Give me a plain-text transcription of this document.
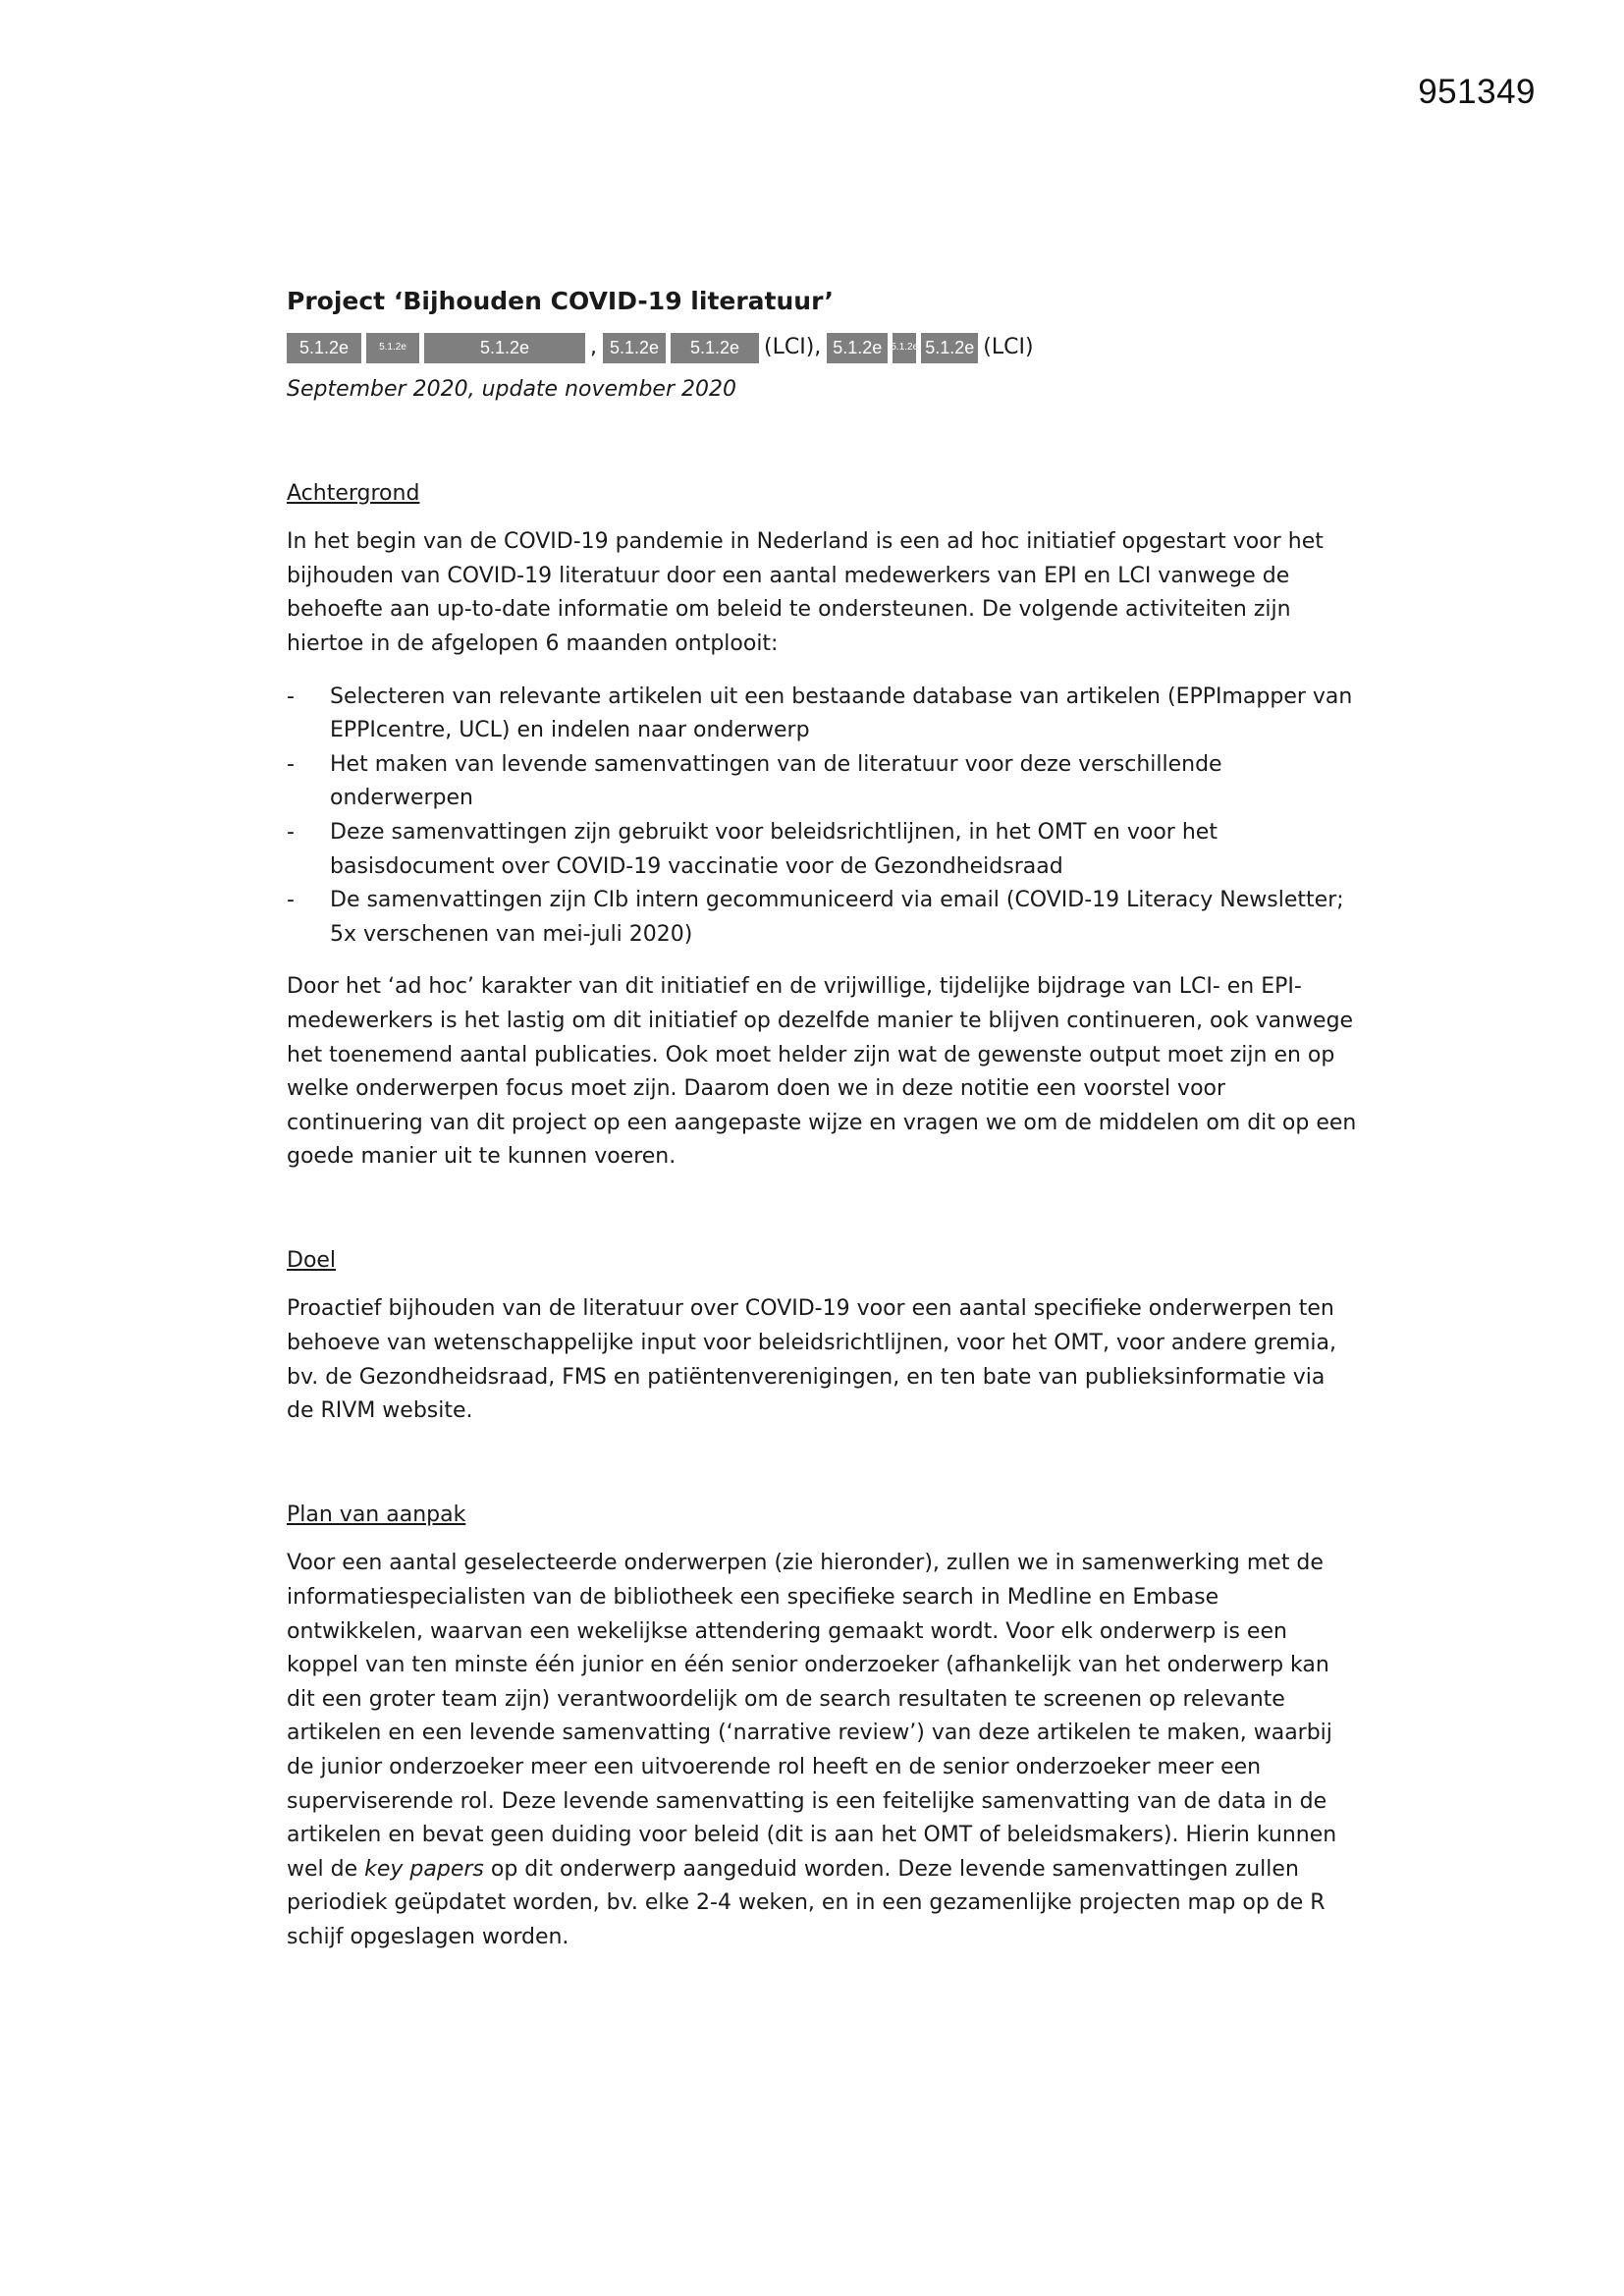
951349
Project ‘Bijhouden COVID-19 literatuur’
5.1.2e	5.1.2e	5.1.2e	, 5.1.2e	5.1.2e	(LCI), 5.1.2e 5.1.2e 5.1.2e (LCI)

September 2020, update november 2020

Achtergrond

In het begin van de COVID-19 pandemie in Nederland is een ad hoc initiatief opgestart voor het bijhouden van COVID-19 literatuur door een aantal medewerkers van EPI en LCI vanwege de behoefte aan up-to-date informatie om beleid te ondersteunen. De volgende activiteiten zijn hiertoe in de afgelopen 6 maanden ontplooit:

- Selecteren van relevante artikelen uit een bestaande database van artikelen (EPPImapper van EPPIcentre, UCL) en indelen naar onderwerp
- Het maken van levende samenvattingen van de literatuur voor deze verschillende onderwerpen
- Deze samenvattingen zijn gebruikt voor beleidsrichtlijnen, in het OMT en voor het basisdocument over COVID-19 vaccinatie voor de Gezondheidsraad
- De samenvattingen zijn CIb intern gecommuniceerd via email (COVID-19 Literacy Newsletter; 5x verschenen van mei-juli 2020)

Door het ‘ad hoc’ karakter van dit initiatief en de vrijwillige, tijdelijke bijdrage van LCI- en EPI-medewerkers is het lastig om dit initiatief op dezelfde manier te blijven continueren, ook vanwege het toenemend aantal publicaties. Ook moet helder zijn wat de gewenste output moet zijn en op welke onderwerpen focus moet zijn. Daarom doen we in deze notitie een voorstel voor continuering van dit project op een aangepaste wijze en vragen we om de middelen om dit op een goede manier uit te kunnen voeren.

Doel

Proactief bijhouden van de literatuur over COVID-19 voor een aantal specifieke onderwerpen ten behoeve van wetenschappelijke input voor beleidsrichtlijnen, voor het OMT, voor andere gremia, bv. de Gezondheidsraad, FMS en patiëntenverenigingen, en ten bate van publieksinformatie via de RIVM website.

Plan van aanpak

Voor een aantal geselecteerde onderwerpen (zie hieronder), zullen we in samenwerking met de informatiespecialisten van de bibliotheek een specifieke search in Medline en Embase ontwikkelen, waarvan een wekelijkse attendering gemaakt wordt. Voor elk onderwerp is een koppel van ten minste één junior en één senior onderzoeker (afhankelijk van het onderwerp kan dit een groter team zijn) verantwoordelijk om de search resultaten te screenen op relevante artikelen en een levende samenvatting (‘narrative review’) van deze artikelen te maken, waarbij de junior onderzoeker meer een uitvoerende rol heeft en de senior onderzoeker meer een superviserende rol. Deze levende samenvatting is een feitelijke samenvatting van de data in de artikelen en bevat geen duiding voor beleid (dit is aan het OMT of beleidsmakers). Hierin kunnen wel de key papers op dit onderwerp aangeduid worden. Deze levende samenvattingen zullen periodiek geüpdatet worden, bv. elke 2-4 weken, en in een gezamenlijke projecten map op de R schijf opgeslagen worden.
